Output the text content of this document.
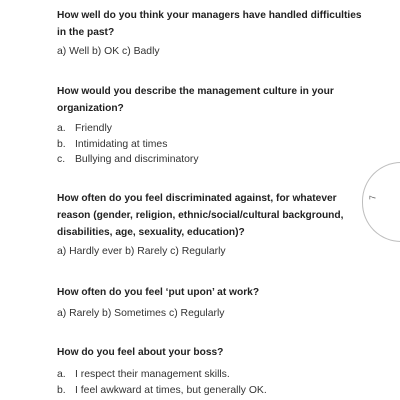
How well do you think your managers have handled difficulties in the past?

a) Well b) OK c) Badly

How would you describe the management culture in your organization?

a. Friendly
b. Intimidating at times
c. Bullying and discriminatory

How often do you feel discriminated against, for whatever reason (gender, religion, ethnic/social/cultural background, disabilities, age, sexuality, education)?

a) Hardly ever b) Rarely c) Regularly

How often do you feel ‘put upon’ at work?

a) Rarely b) Sometimes c) Regularly

How do you feel about your boss?

a. I respect their management skills.
b. I feel awkward at times, but generally OK.
7
